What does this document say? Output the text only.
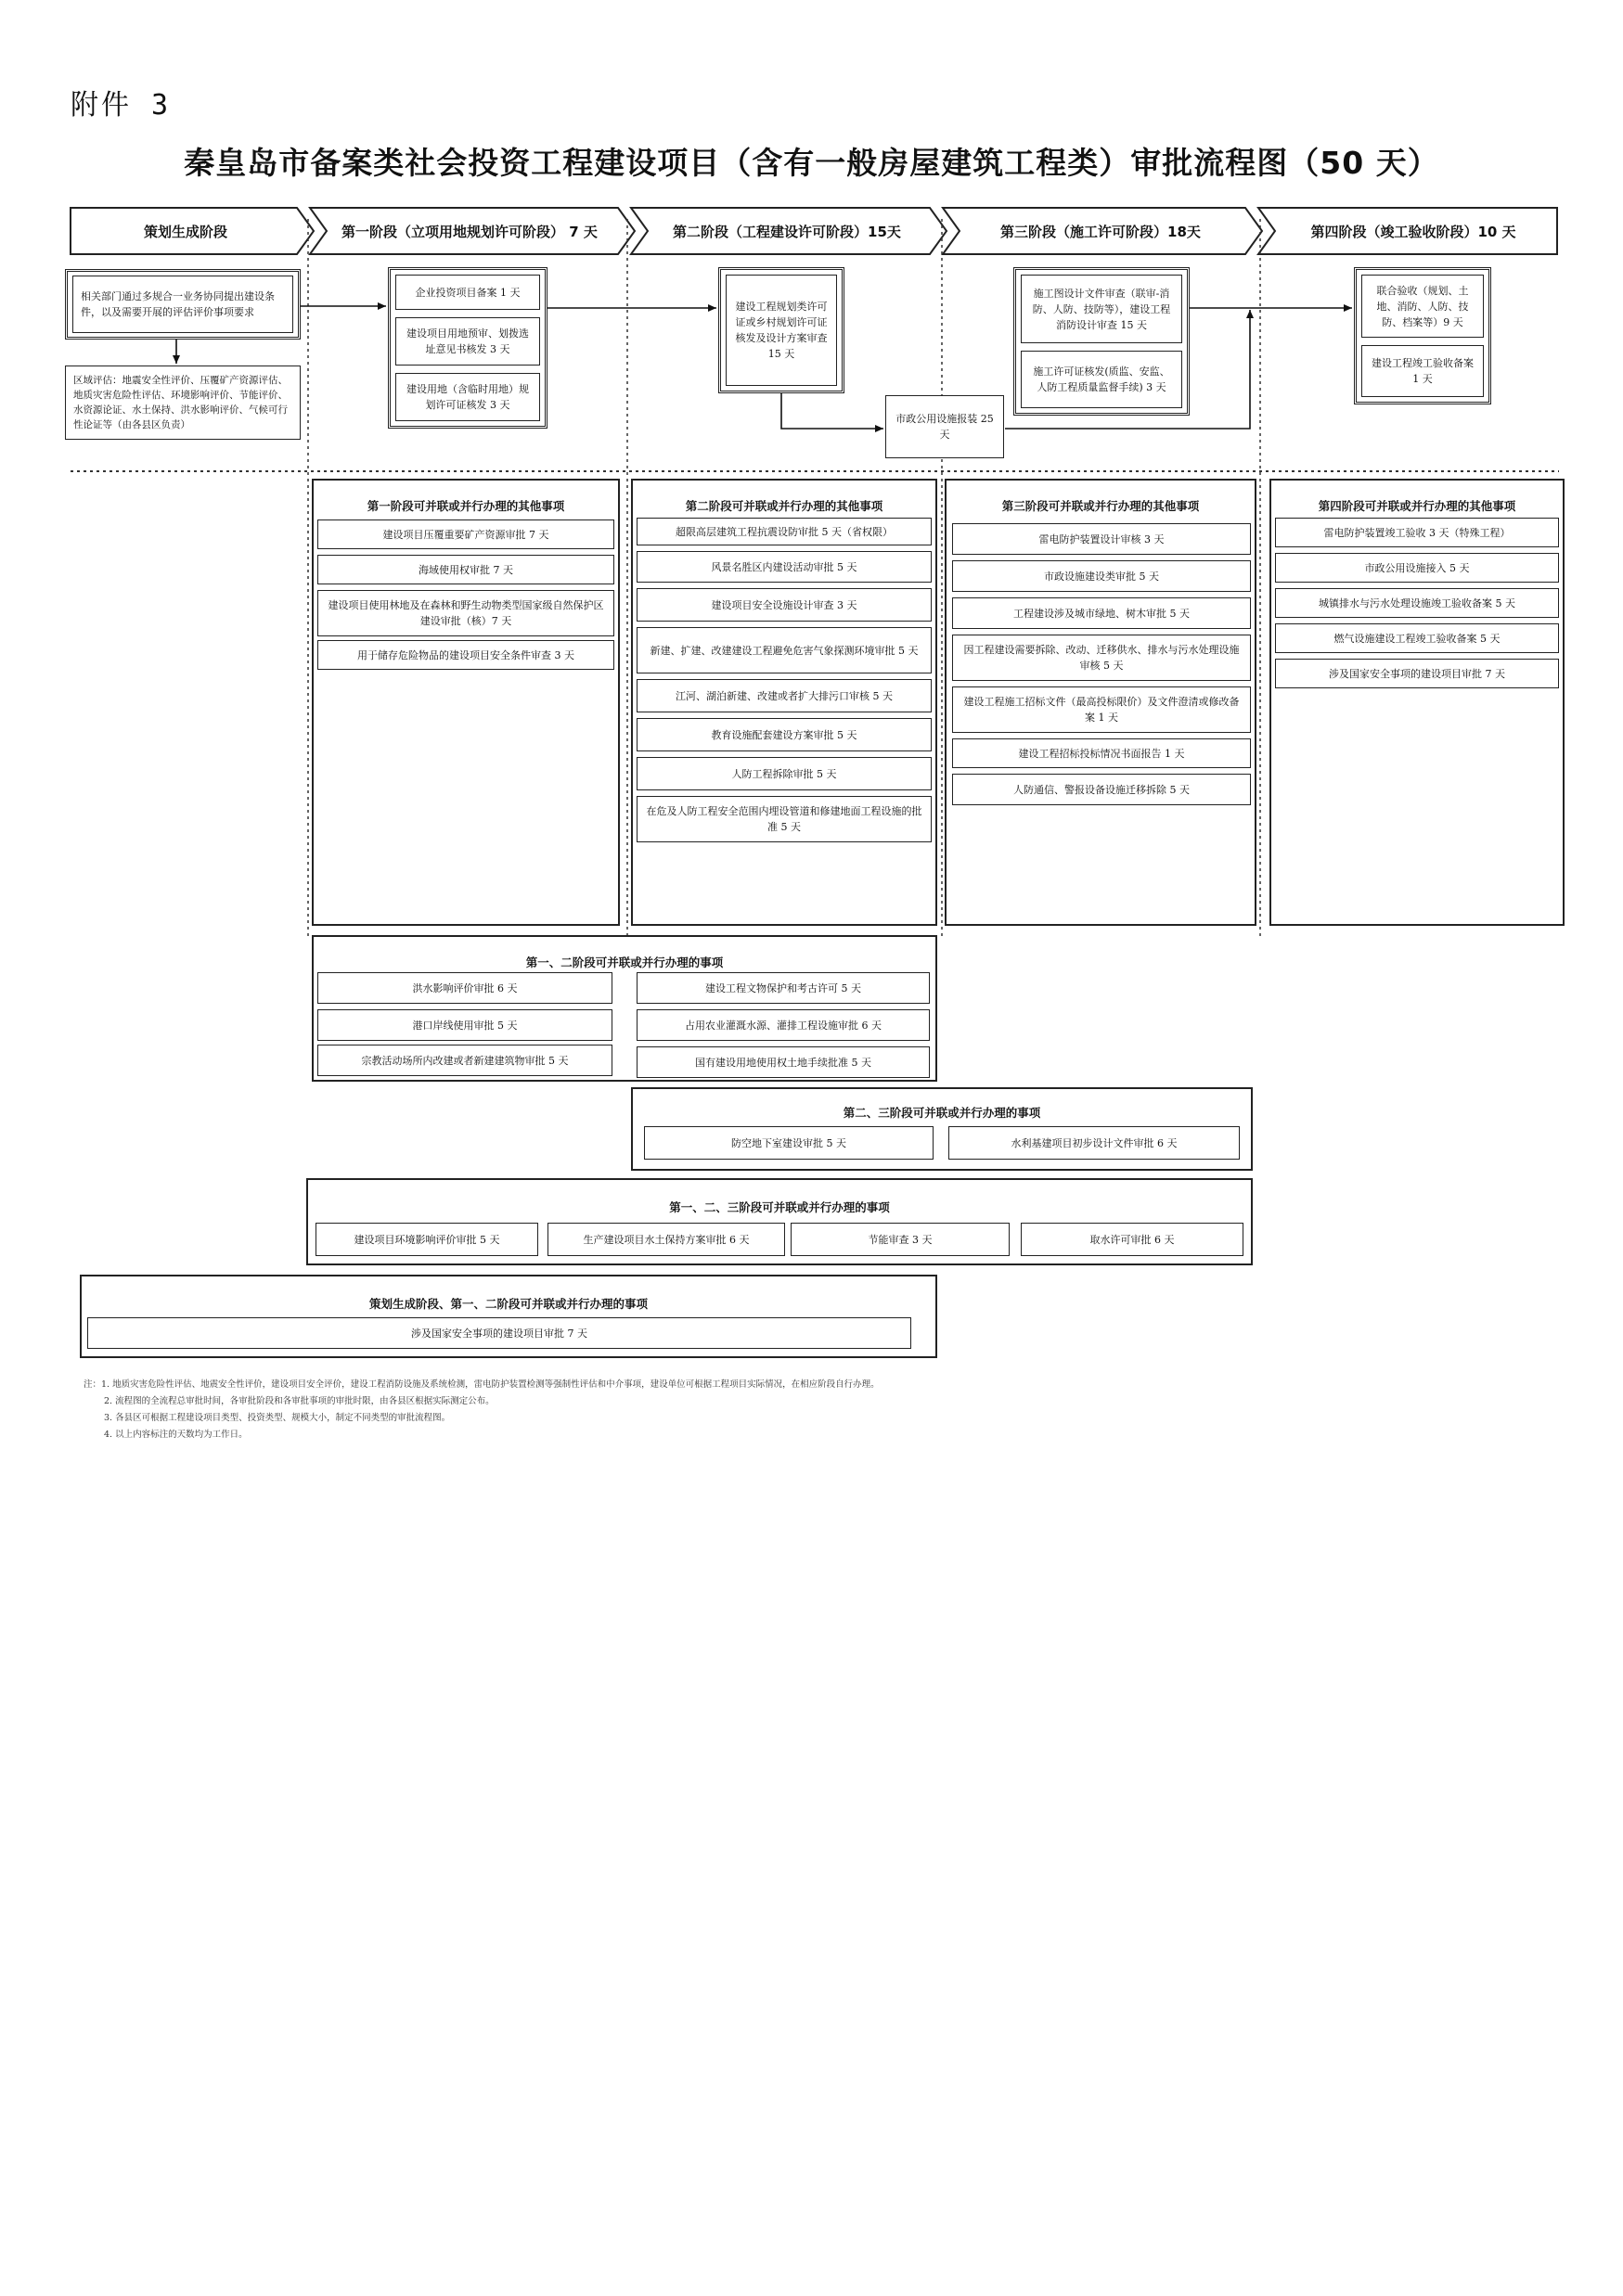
附件 3
秦皇岛市备案类社会投资工程建设项目（含有一般房屋建筑工程类）审批流程图（50 天）
策划生成阶段	第一阶段（立项用地规划许可阶段） 7 天	第二阶段（工程建设许可阶段）15天	第三阶段（施工许可阶段）18天	第四阶段（竣工验收阶段）10 天
相关部门通过多规合一业务协同提出建设条件，以及需要开展的评估评价事项要求
区域评估：地震安全性评价、压覆矿产资源评估、地质灾害危险性评估、环境影响评价、节能评价、水资源论证、水土保持、洪水影响评价、气候可行性论证等（由各县区负责）
企业投资项目备案 1 天
建设项目用地预审、划拨选址意见书核发 3 天
建设用地（含临时用地）规划许可证核发 3 天
建设工程规划类许可证或乡村规划许可证核发及设计方案审查 15 天
市政公用设施报装 25 天
施工图设计文件审查（联审-消防、人防、技防等），建设工程消防设计审查 15 天
施工许可证核发(质监、安监、人防工程质量监督手续) 3 天
联合验收（规划、土地、消防、人防、技防、档案等）9 天
建设工程竣工验收备案 1 天
第一阶段可并联或并行办理的其他事项
建设项目压覆重要矿产资源审批 7 天
海域使用权审批 7 天
建设项目使用林地及在森林和野生动物类型国家级自然保护区建设审批（核）7 天
用于储存危险物品的建设项目安全条件审查 3 天
第二阶段可并联或并行办理的其他事项
超限高层建筑工程抗震设防审批 5 天（省权限）
风景名胜区内建设活动审批 5 天
建设项目安全设施设计审查 3 天
新建、扩建、改建建设工程避免危害气象探测环境审批 5 天
江河、湖泊新建、改建或者扩大排污口审核 5 天
教育设施配套建设方案审批 5 天
人防工程拆除审批 5 天
在危及人防工程安全范围内埋设管道和修建地面工程设施的批准 5 天
第三阶段可并联或并行办理的其他事项
雷电防护装置设计审核 3 天
市政设施建设类审批 5 天
工程建设涉及城市绿地、树木审批 5 天
因工程建设需要拆除、改动、迁移供水、排水与污水处理设施审核 5 天
建设工程施工招标文件（最高投标限价）及文件澄清或修改备案 1 天
建设工程招标投标情况书面报告 1 天
人防通信、警报设备设施迁移拆除 5 天
第四阶段可并联或并行办理的其他事项
雷电防护装置竣工验收 3 天（特殊工程）
市政公用设施接入 5 天
城镇排水与污水处理设施竣工验收备案 5 天
燃气设施建设工程竣工验收备案 5 天
涉及国家安全事项的建设项目审批 7 天
第一、二阶段可并联或并行办理的事项
洪水影响评价审批 6 天	建设工程文物保护和考古许可 5 天
港口岸线使用审批 5 天	占用农业灌溉水源、灌排工程设施审批 6 天
宗教活动场所内改建或者新建建筑物审批 5 天	国有建设用地使用权土地手续批准 5 天
第二、三阶段可并联或并行办理的事项
防空地下室建设审批 5 天	水利基建项目初步设计文件审批 6 天
第一、二、三阶段可并联或并行办理的事项
建设项目环境影响评价审批 5 天	生产建设项目水土保持方案审批 6 天	节能审查 3 天	取水许可审批 6 天
策划生成阶段、第一、二阶段可并联或并行办理的事项
涉及国家安全事项的建设项目审批 7 天
注：1. 地质灾害危险性评估、地震安全性评价，建设项目安全评价，建设工程消防设施及系统检测，雷电防护装置检测等强制性评估和中介事项，建设单位可根据工程项目实际情况，在相应阶段自行办理。
2. 流程图的全流程总审批时间，各审批阶段和各审批事项的审批时限，由各县区根据实际测定公布。
3. 各县区可根据工程建设项目类型、投资类型、规模大小，制定不同类型的审批流程图。
4. 以上内容标注的天数均为工作日。
